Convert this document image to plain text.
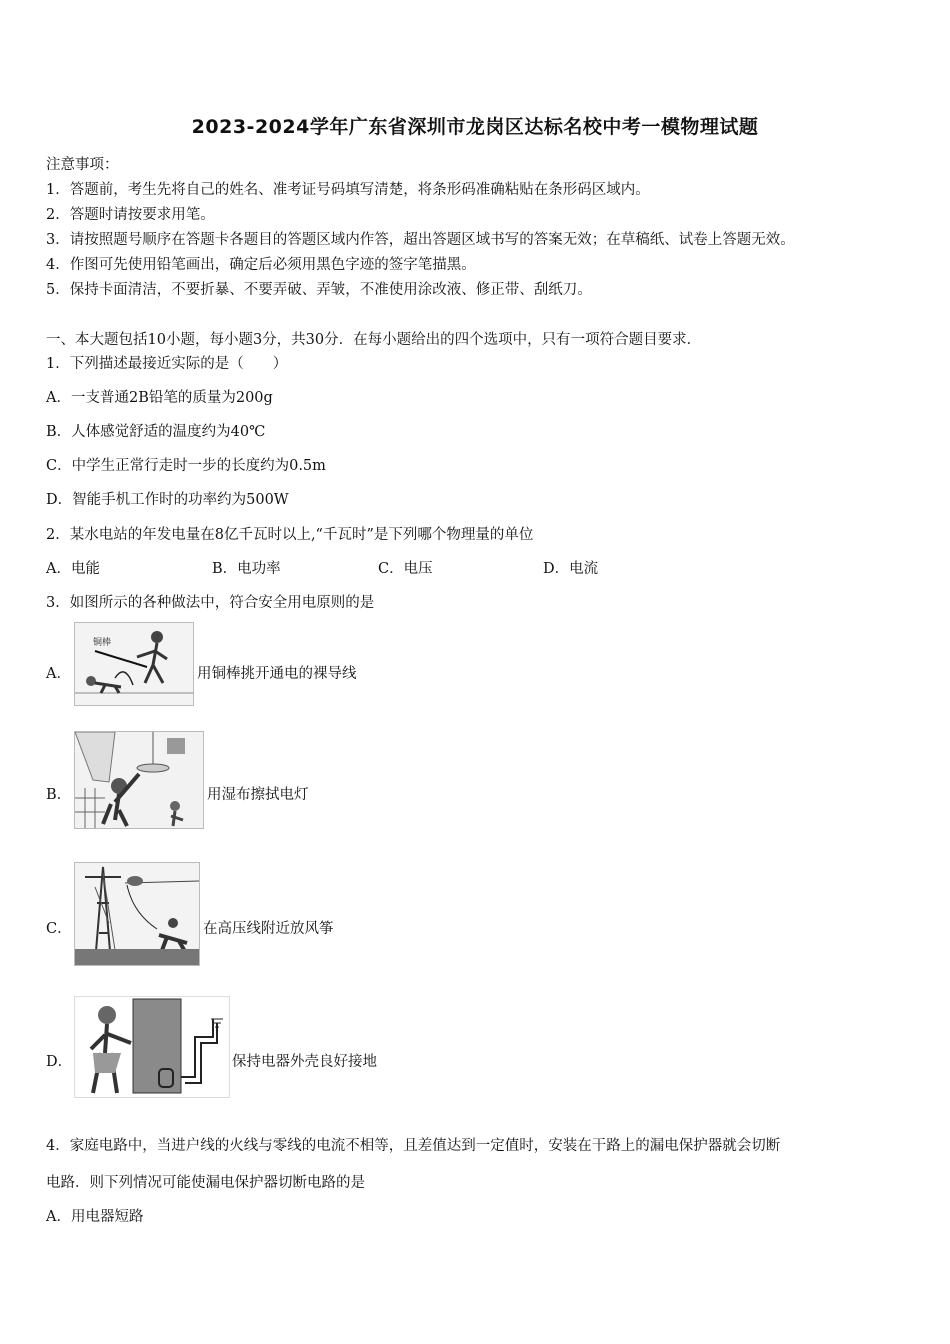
2023-2024学年广东省深圳市龙岗区达标名校中考一模物理试题
注意事项：
1．答题前，考生先将自己的姓名、准考证号码填写清楚，将条形码准确粘贴在条形码区域内。
2．答题时请按要求用笔。
3．请按照题号顺序在答题卡各题目的答题区域内作答，超出答题区域书写的答案无效；在草稿纸、试卷上答题无效。
4．作图可先使用铅笔画出，确定后必须用黑色字迹的签字笔描黑。
5．保持卡面清洁，不要折暴、不要弄破、弄皱，不准使用涂改液、修正带、刮纸刀。
一、本大题包括10小题，每小题3分，共30分．在每小题给出的四个选项中，只有一项符合题目要求．
1．下列描述最接近实际的是（　　）
A．一支普通2B铅笔的质量为200g
B．人体感觉舒适的温度约为40℃
C．中学生正常行走时一步的长度约为0.5m
D．智能手机工作时的功率约为500W
2．某水电站的年发电量在8亿千瓦时以上,“千瓦时”是下列哪个物理量的单位
A．电能	B．电功率	C．电压	D．电流
3．如图所示的各种做法中，符合安全用电原则的是
A．
铜棒
用铜棒挑开通电的裸导线
B．	用湿布擦拭电灯
C．	在高压线附近放风筝
D．	保持电器外壳良好接地
4．家庭电路中，当进户线的火线与零线的电流不相等，且差值达到一定值时，安装在干路上的漏电保护器就会切断
电路．则下列情况可能使漏电保护器切断电路的是
A．用电器短路
